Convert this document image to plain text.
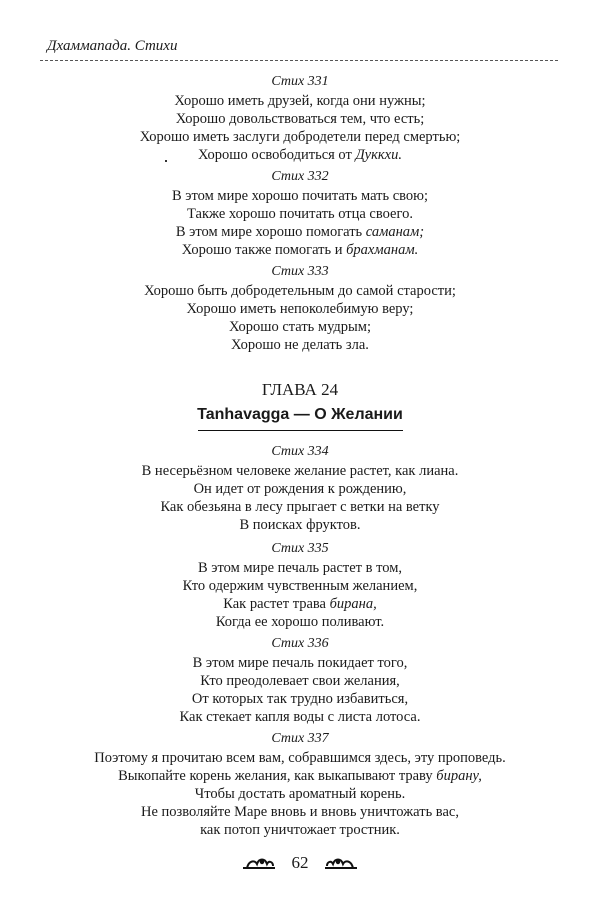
Дхаммапада. Стихи
Стих 331
Хорошо иметь друзей, когда они нужны;
Хорошо довольствоваться тем, что есть;
Хорошо иметь заслуги добродетели перед смертью;
Хорошо освободиться от Дуккхи.
Стих 332
В этом мире хорошо почитать мать свою;
Также хорошо почитать отца своего.
В этом мире хорошо помогать саманам;
Хорошо также помогать и брахманам.
Стих 333
Хорошо быть добродетельным до самой старости;
Хорошо иметь непоколебимую веру;
Хорошо стать мудрым;
Хорошо не делать зла.
ГЛАВА 24
Tanhavagga — О Желании
Стих 334
В несерьёзном человеке желание растет, как лиана.
Он идет от рождения к рождению,
Как обезьяна в лесу прыгает с ветки на ветку
В поисках фруктов.
Стих 335
В этом мире печаль растет в том,
Кто одержим чувственным желанием,
Как растет трава бирана,
Когда ее хорошо поливают.
Стих 336
В этом мире печаль покидает того,
Кто преодолевает свои желания,
От которых так трудно избавиться,
Как стекает капля воды с листа лотоса.
Стих 337
Поэтому я прочитаю всем вам, собравшимся здесь, эту проповедь.
Выкопайте корень желания, как выкапывают траву бирану,
Чтобы достать ароматный корень.
Не позволяйте Маре вновь и вновь уничтожать вас,
как потоп уничтожает тростник.
62
